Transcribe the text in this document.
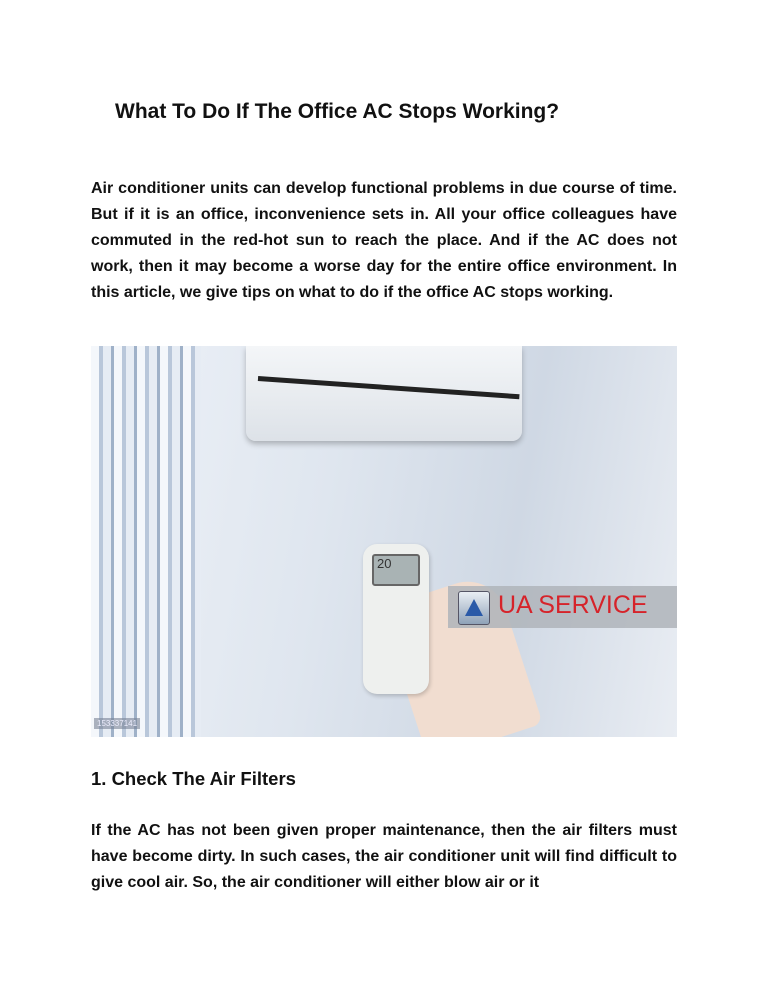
What To Do If The Office AC Stops Working?

Air conditioner units can develop functional problems in due course of time. But if it is an office, inconvenience sets in. All your office colleagues have commuted in the red-hot sun to reach the place. And if the AC does not work, then it may become a worse day for the entire office environment. In this article, we give tips on what to do if the office AC stops working.

20
UA SERVICE
153337141
1. Check The Air Filters

If the AC has not been given proper maintenance, then the air filters must have become dirty. In such cases, the air conditioner unit will find difficult to give cool air. So, the air conditioner will either blow air or it
